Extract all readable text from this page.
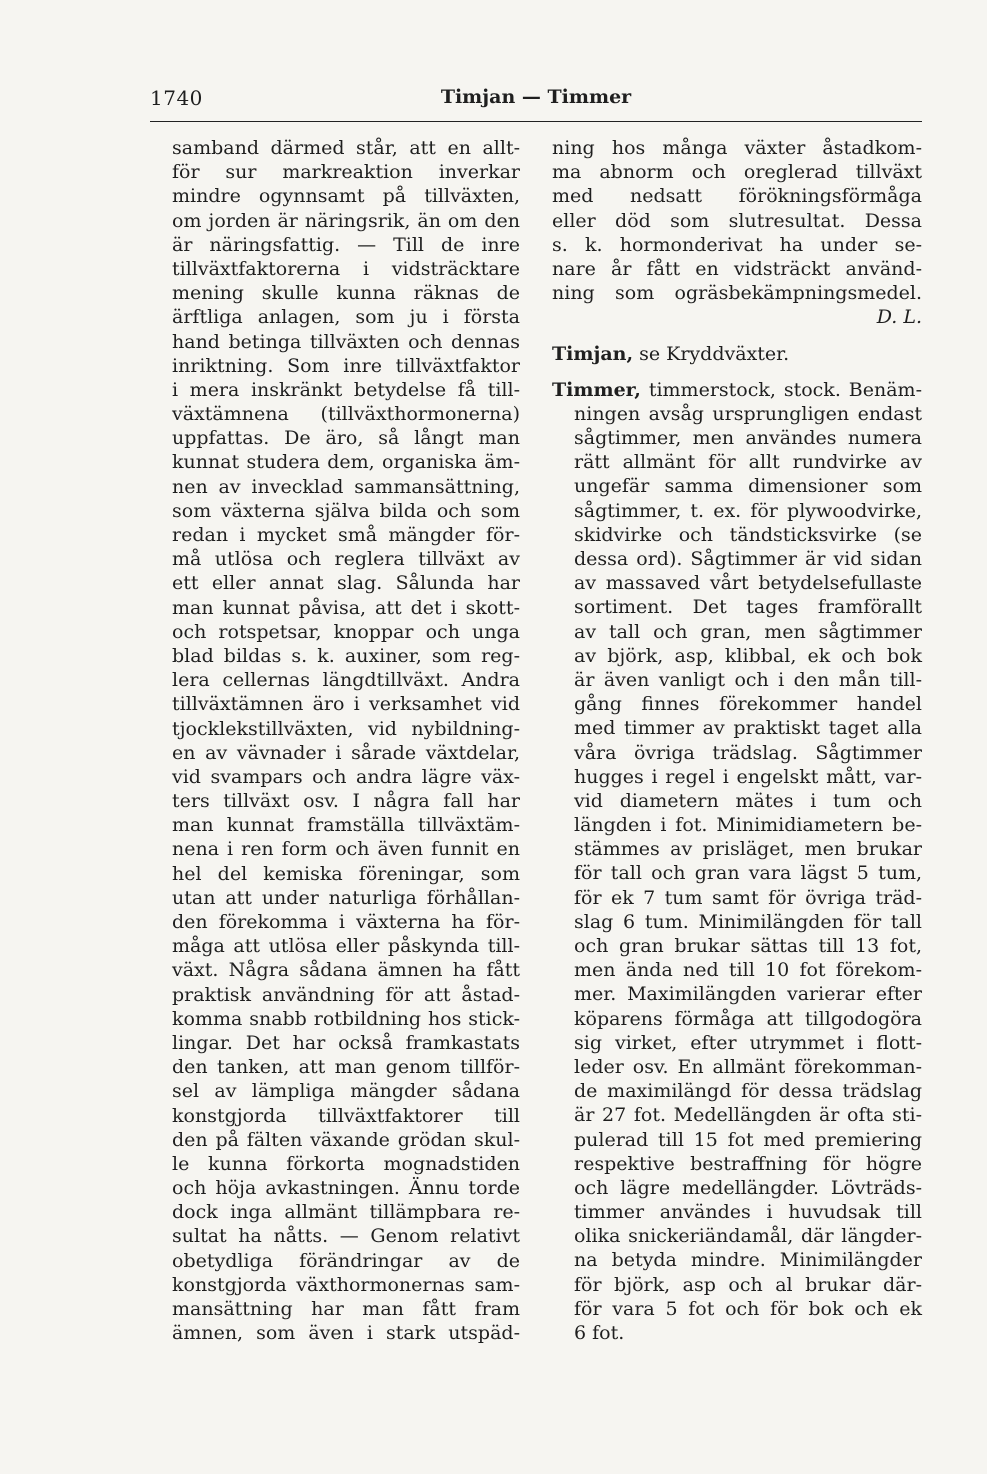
1740	Timjan — Timmer
samband därmed står, att en allt-
för sur markreaktion inverkar
mindre ogynnsamt på tillväxten,
om jorden är näringsrik, än om den
är näringsfattig. — Till de inre
tillväxtfaktorerna i vidsträcktare
mening skulle kunna räknas de
ärftliga anlagen, som ju i första
hand betinga tillväxten och dennas
inriktning. Som inre tillväxtfaktor
i mera inskränkt betydelse få till-
växtämnena (tillväxthormonerna)
uppfattas. De äro, så långt man
kunnat studera dem, organiska äm-
nen av invecklad sammansättning,
som växterna själva bilda och som
redan i mycket små mängder för-
må utlösa och reglera tillväxt av
ett eller annat slag. Sålunda har
man kunnat påvisa, att det i skott-
och rotspetsar, knoppar och unga
blad bildas s. k. auxiner, som reg-
lera cellernas längdtillväxt. Andra
tillväxtämnen äro i verksamhet vid
tjocklekstillväxten, vid nybildning-
en av vävnader i sårade växtdelar,
vid svampars och andra lägre väx-
ters tillväxt osv. I några fall har
man kunnat framställa tillväxtäm-
nena i ren form och även funnit en
hel del kemiska föreningar, som
utan att under naturliga förhållan-
den förekomma i växterna ha för-
måga att utlösa eller påskynda till-
växt. Några sådana ämnen ha fått
praktisk användning för att åstad-
komma snabb rotbildning hos stick-
lingar. Det har också framkastats
den tanken, att man genom tillför-
sel av lämpliga mängder sådana
konstgjorda tillväxtfaktorer till
den på fälten växande grödan skul-
le kunna förkorta mognadstiden
och höja avkastningen. Ännu torde
dock inga allmänt tillämpbara re-
sultat ha nåtts. — Genom relativt
obetydliga förändringar av de
konstgjorda växthormonernas sam-
mansättning har man fått fram
ämnen, som även i stark utspäd-
ning hos många växter åstadkom-
ma abnorm och oreglerad tillväxt
med nedsatt förökningsförmåga
eller död som slutresultat. Dessa
s. k. hormonderivat ha under se-
nare år fått en vidsträckt använd-
ning som ogräsbekämpningsmedel.
D. L.
Timjan, se Kryddväxter.
Timmer, timmerstock, stock. Benäm-
ningen avsåg ursprungligen endast
sågtimmer, men användes numera
rätt allmänt för allt rundvirke av
ungefär samma dimensioner som
sågtimmer, t. ex. för plywoodvirke,
skidvirke och tändsticksvirke (se
dessa ord). Sågtimmer är vid sidan
av massaved vårt betydelsefullaste
sortiment. Det tages framförallt
av tall och gran, men sågtimmer
av björk, asp, klibbal, ek och bok
är även vanligt och i den mån till-
gång finnes förekommer handel
med timmer av praktiskt taget alla
våra övriga trädslag. Sågtimmer
hugges i regel i engelskt mått, var-
vid diametern mätes i tum och
längden i fot. Minimidiametern be-
stämmes av prisläget, men brukar
för tall och gran vara lägst 5 tum,
för ek 7 tum samt för övriga träd-
slag 6 tum. Minimilängden för tall
och gran brukar sättas till 13 fot,
men ända ned till 10 fot förekom-
mer. Maximilängden varierar efter
köparens förmåga att tillgodogöra
sig virket, efter utrymmet i flott-
leder osv. En allmänt förekomman-
de maximilängd för dessa trädslag
är 27 fot. Medellängden är ofta sti-
pulerad till 15 fot med premiering
respektive bestraffning för högre
och lägre medellängder. Lövträds-
timmer användes i huvudsak till
olika snickeriändamål, där längder-
na betyda mindre. Minimilängder
för björk, asp och al brukar där-
för vara 5 fot och för bok och ek
6 fot.
